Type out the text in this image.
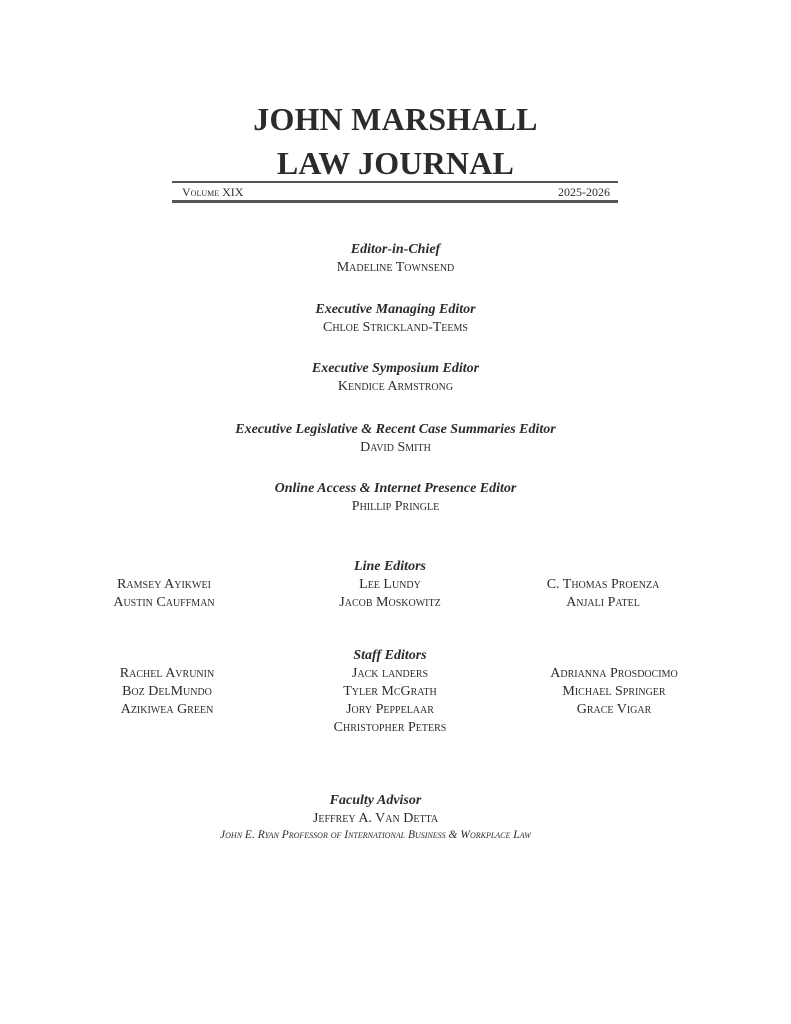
JOHN MARSHALL
LAW JOURNAL
Volume XIX	2025-2026
Editor-in-Chief
Madeline Townsend
Executive Managing Editor
Chloe Strickland-Teems
Executive Symposium Editor
Kendice Armstrong
Executive Legislative & Recent Case Summaries Editor
David Smith
Online Access & Internet Presence Editor
Phillip Pringle
Line Editors
Lee Lundy
Jacob Moskowitz
Ramsey Ayikwei
Austin Cauffman
C. Thomas Proenza
Anjali Patel
Staff Editors
Jack landers
Tyler McGrath
Jory Peppelaar
Christopher Peters
Rachel Avrunin
Boz DelMundo
Azikiwea Green
Adrianna Prosdocimo
Michael Springer
Grace Vigar
Faculty Advisor
Jeffrey A. Van Detta
John E. Ryan Professor of International Business & Workplace Law
